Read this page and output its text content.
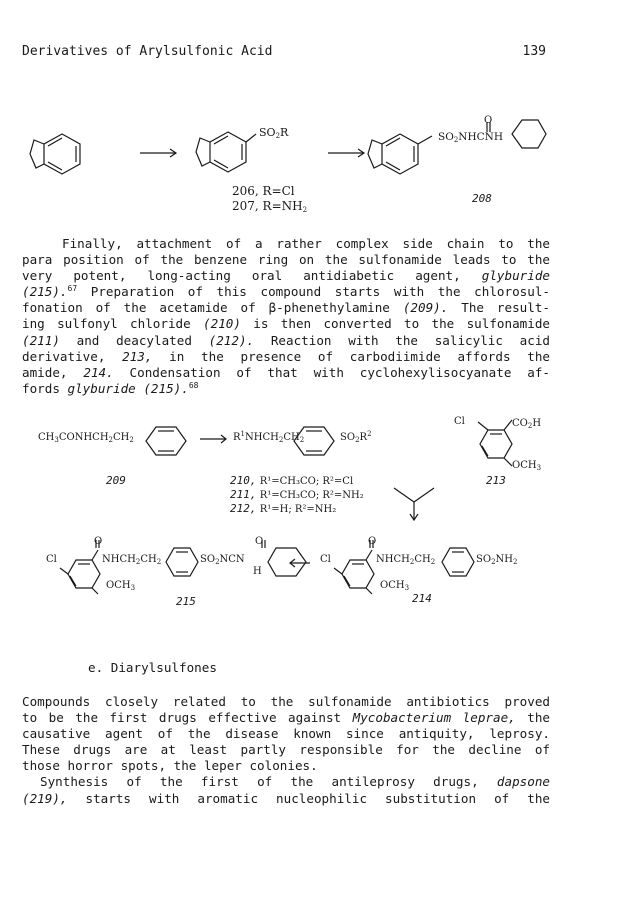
Derivatives of Arylsulfonic Acid	139
$SO_2R$
O
$SO_2NHCNH$
206, R=Cl
207, $R=NH_2$
208
Finally, attachment of a rather complex side chain to the
para position of the benzene ring on the sulfonamide leads to the
very potent, long-acting oral antidiabetic agent, glyburide
(215).$^{67}$ Preparation of this compound starts with the chlorosul-
fonation of the acetamide of β-phenethylamine (209). The result-
ing sulfonyl chloride (210) is then converted to the sulfonamide
(211) and deacylated (212). Reaction with the salicylic acid
derivative, 213, in the presence of carbodiimide affords the
amide, 214. Condensation of that with cyclohexylisocyanate af-
fords glyburide (215).$^{68}$
$CH_3CONHCH_2CH_2$	$R^1NHCH_2CH_2$	$SO_2R^2$
Cl	$CO_2H$
$OCH_3$
209	213
210, R¹=CH₃CO; R²=Cl
211, R¹=CH₃CO; R²=NH₂
212, R¹=H; R²=NH₂
Cl
O
$NHCH_2CH_2$	$SO_2NCN$
O
H
$OCH_3$
215
Cl
O
$NHCH_2CH_2$	$SO_2NH_2$
$OCH_3$
214
e. Diarylsulfones
Compounds closely related to the sulfonamide antibiotics proved
to be the first drugs effective against Mycobacterium leprae, the
causative agent of the disease known since antiquity, leprosy.
These drugs are at least partly responsible for the decline of
those horror spots, the leper colonies.
Synthesis of the first of the antileprosy drugs, dapsone
(219), starts with aromatic nucleophilic substitution of the
